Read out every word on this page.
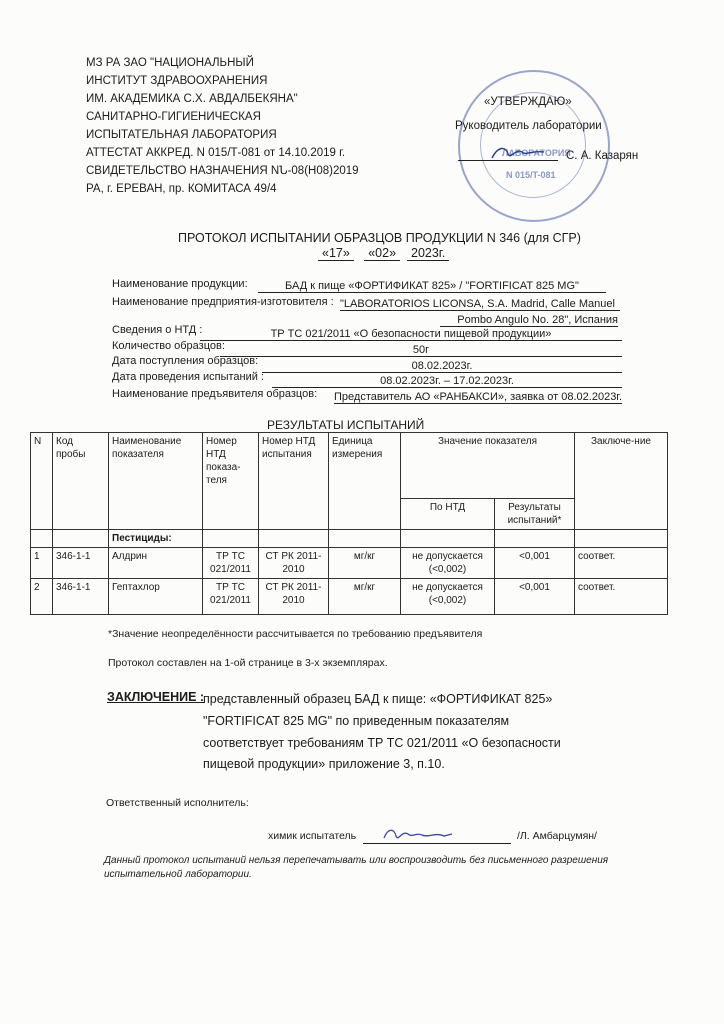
МЗ РА ЗАО "НАЦИОНАЛЬНЫЙ
ИНСТИТУТ ЗДРАВООХРАНЕНИЯ
ИМ. АКАДЕМИКА С.Х. АВДАЛБЕКЯНА"
САНИТАРНО-ГИГИЕНИЧЕСКАЯ
ИСПЫТАТЕЛЬНАЯ ЛАБОРАТОРИЯ
АТТЕСТАТ АККРЕД. N 015/Т-081 от 14.10.2019 г.
СВИДЕТЕЛЬСТВО НАЗНАЧЕНИЯ NՆ-08(Н08)2019
РА, г. ЕРЕВАН, пр. КОМИТАСА 49/4
ЛАБОРАТОРИЯ
N 015/T-081
«УТВЕРЖДАЮ»
Руководитель лаборатории
С. А. Казарян
ПРОТОКОЛ ИСПЫТАНИИ ОБРАЗЦОВ ПРОДУКЦИИ N 346 (для СГР)
«17» «02» 2023г.
Наименование продукции:	БАД к пище «ФОРТИФИКАТ 825» / "FORTIFICAT 825 MG"
Наименование предприятия-изготовителя : "LABORATORIOS LICONSA, S.A. Madrid, Calle Manuel
Pombo Angulo No. 28", Испания
Сведения о НТД :	ТР ТС 021/2011 «О безопасности пищевой продукции»
Количество образцов:	50г
Дата поступления образцов:	08.02.2023г.
Дата проведения испытаний :	08.02.2023г. – 17.02.2023г.
Наименование предъявителя образцов: Представитель АО «РАНБАКСИ», заявка от 08.02.2023г.
РЕЗУЛЬТАТЫ ИСПЫТАНИЙ
N	Код пробы	Наименование показателя	Номер НТД показа-теля	Номер НТД испытания	Единица измерения	Значение показателя		Заключе-ние
						По НТД	Результаты испытаний*	
		Пестициды:						
1	346-1-1	Алдрин	ТР ТС 021/2011	СТ РК 2011-2010	мг/кг	не допускается (<0,002)	<0,001	соответ.
2	346-1-1	Гептахлор	ТР ТС 021/2011	СТ РК 2011-2010	мг/кг	не допускается (<0,002)	<0,001	соответ.
*Значение неопределённости рассчитывается по требованию предъявителя
Протокол составлен на 1-ой странице в 3-х экземплярах.
ЗАКЛЮЧЕНИЕ :
представленный образец БАД к пище: «ФОРТИФИКАТ 825»
"FORTIFICAT 825 MG" по приведенным показателям
соответствует требованиям ТР ТС 021/2011 «О безопасности
пищевой продукции» приложение 3, п.10.
Ответственный исполнитель:
химик испытатель	/Л. Амбарцумян/
Данный протокол испытаний нельзя перепечатывать или воспроизводить без письменного разрешения
испытательной лаборатории.
